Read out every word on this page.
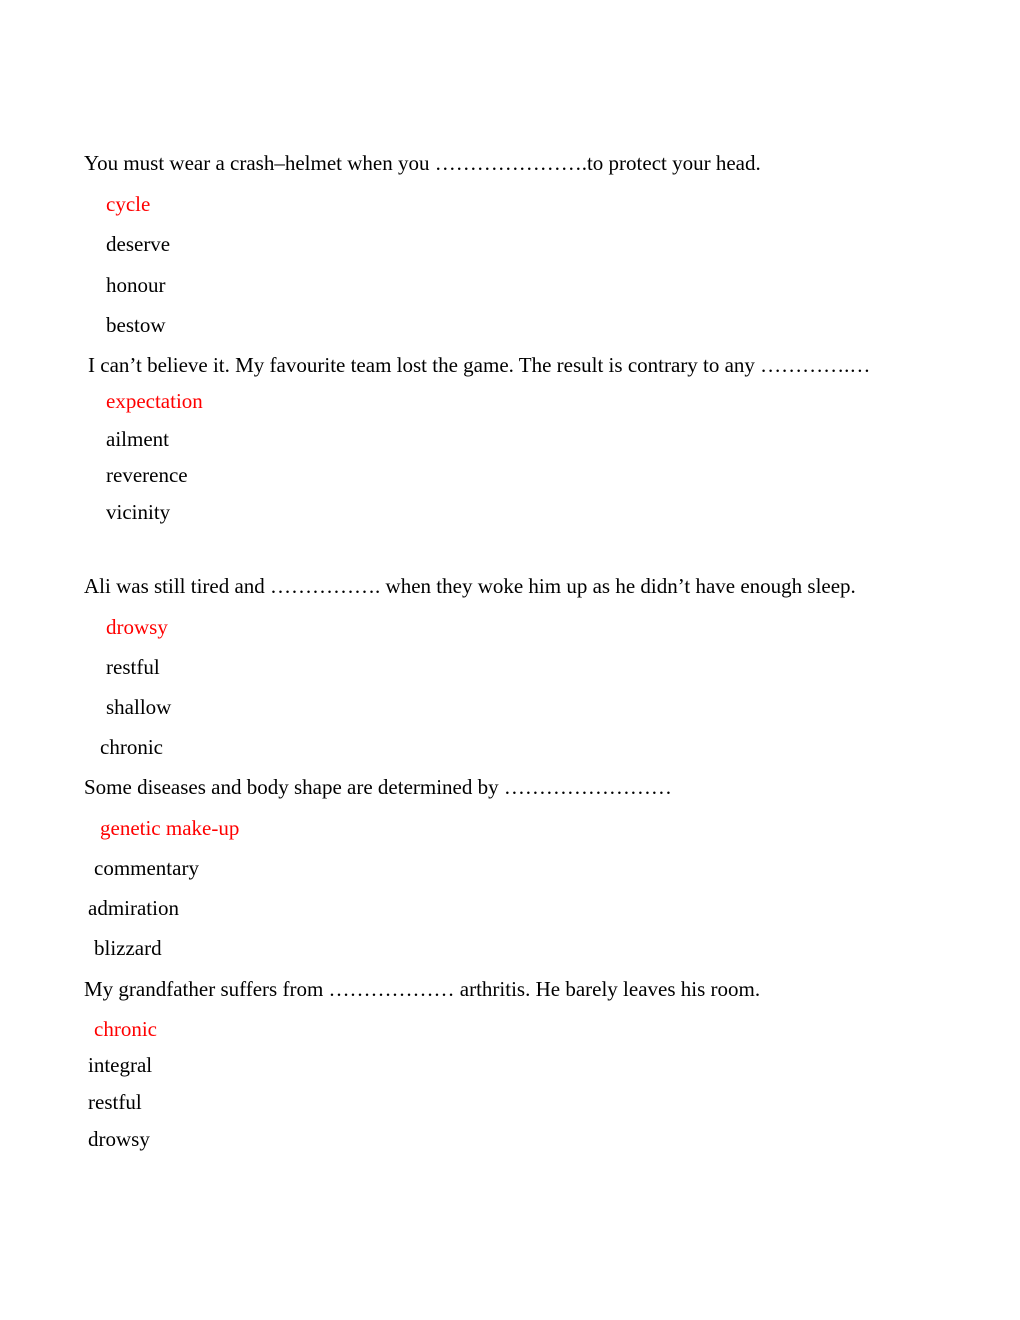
You must wear a crash–helmet when you ………………….to protect your head.
cycle
deserve
honour
bestow
I can’t believe it. My favourite team lost the game. The result is contrary to any ………….…
expectation
ailment
reverence
vicinity
Ali was still tired and ……………. when they woke him up as he didn’t have enough sleep.
drowsy
restful
shallow
chronic
Some diseases and body shape are determined by ……………………
genetic make-up
commentary
admiration
blizzard
My grandfather suffers from ……………… arthritis. He barely leaves his room.
chronic
integral
restful
drowsy
